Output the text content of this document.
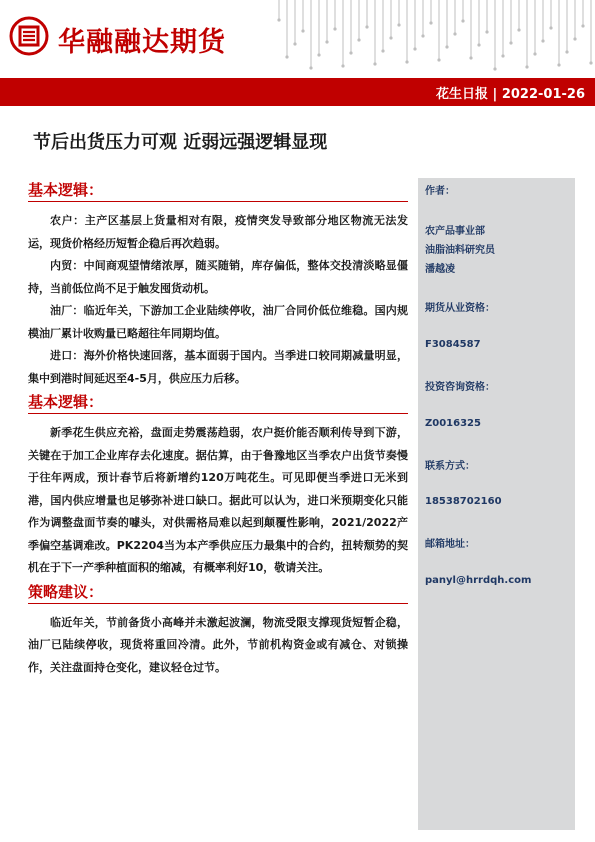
华融融达期货
花生日报 | 2022-01-26
节后出货压力可观 近弱远强逻辑显现
作者：
农产品事业部
油脂油料研究员
潘越凌
期货从业资格：
F3084587
投资咨询资格：
Z0016325
联系方式：
18538702160
邮箱地址：
panyl@hrrdqh.com
基本逻辑：

农户：主产区基层上货量相对有限，疫情突发导致部分地区物流无法发运，现货价格经历短暂企稳后再次趋弱。

内贸：中间商观望情绪浓厚，随买随销，库存偏低，整体交投清淡略显僵持，当前低位尚不足于触发囤货动机。

油厂：临近年关，下游加工企业陆续停收，油厂合同价低位维稳。国内规模油厂累计收购量已略超往年同期均值。

进口：海外价格快速回落，基本面弱于国内。当季进口较同期减量明显，集中到港时间延迟至4-5月，供应压力后移。

基本逻辑：

新季花生供应充裕，盘面走势震荡趋弱，农户挺价能否顺利传导到下游，关键在于加工企业库存去化速度。据估算，由于鲁豫地区当季农户出货节奏慢于往年两成，预计春节后将新增约120万吨花生。可见即便当季进口无米到港，国内供应增量也足够弥补进口缺口。据此可以认为，进口米预期变化只能作为调整盘面节奏的噱头，对供需格局难以起到颠覆性影响，2021/2022产季偏空基调难改。PK2204当为本产季供应压力最集中的合约，扭转颓势的契机在于下一产季种植面积的缩减，有概率利好10，敬请关注。

策略建议：

临近年关，节前备货小高峰并未激起波澜，物流受限支撑现货短暂企稳，油厂已陆续停收，现货将重回冷清。此外，节前机构资金或有减仓、对锁操作，关注盘面持仓变化，建议轻仓过节。
